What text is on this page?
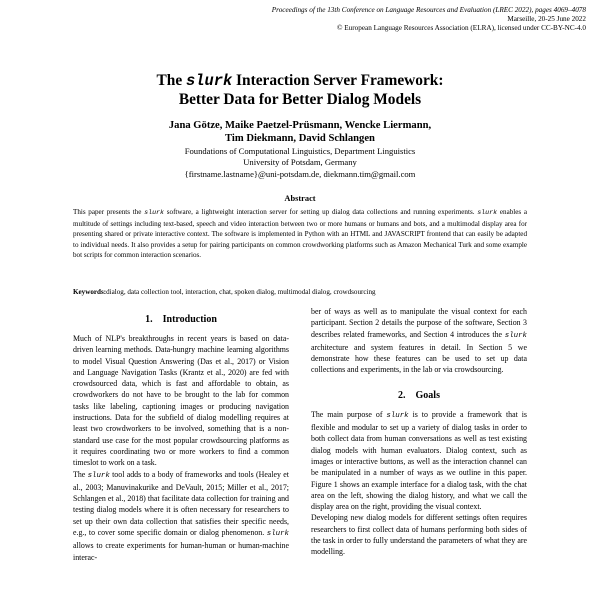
Proceedings of the 13th Conference on Language Resources and Evaluation (LREC 2022), pages 4069–4078
Marseille, 20-25 June 2022
© European Language Resources Association (ELRA), licensed under CC-BY-NC-4.0
The slurk Interaction Server Framework:
Better Data for Better Dialog Models
Jana Götze, Maike Paetzel-Prüsmann, Wencke Liermann,
Tim Diekmann, David Schlangen
Foundations of Computational Linguistics, Department Linguistics
University of Potsdam, Germany
{firstname.lastname}@uni-potsdam.de, diekmann.tim@gmail.com
Abstract
This paper presents the slurk software, a lightweight interaction server for setting up dialog data collections and running experiments. slurk enables a multitude of settings including text-based, speech and video interaction between two or more humans or humans and bots, and a multimodal display area for presenting shared or private interactive context. The software is implemented in Python with an HTML and JAVASCRIPT frontend that can easily be adapted to individual needs. It also provides a setup for pairing participants on common crowdworking platforms such as Amazon Mechanical Turk and some example bot scripts for common interaction scenarios.
Keywords:dialog, data collection tool, interaction, chat, spoken dialog, multimodal dialog, crowdsourcing
1. Introduction

Much of NLP's breakthroughs in recent years is based on data-driven learning methods. Data-hungry machine learning algorithms to model Visual Question Answering (Das et al., 2017) or Vision and Language Navigation Tasks (Krantz et al., 2020) are fed with crowdsourced data, which is fast and affordable to obtain, as crowdworkers do not have to be brought to the lab for common tasks like labeling, captioning images or producing navigation instructions. Data for the subfield of dialog modelling requires at least two crowdworkers to be involved, something that is a non-standard use case for the most popular crowdsourcing platforms as it requires coordinating two or more workers to find a common timeslot to work on a task.

The slurk tool adds to a body of frameworks and tools (Healey et al., 2003; Manuvinakurike and DeVault, 2015; Miller et al., 2017; Schlangen et al., 2018) that facilitate data collection for training and testing dialog models where it is often necessary for researchers to set up their own data collection that satisfies their specific needs, e.g., to cover some specific domain or dialog phenomenon. slurk allows to create experiments for human-human or human-machine interac-

ber of ways as well as to manipulate the visual context for each participant. Section 2 details the purpose of the software, Section 3 describes related frameworks, and Section 4 introduces the slurk architecture and system features in detail. In Section 5 we demonstrate how these features can be used to set up data collections and experiments, in the lab or via crowdsourcing.

2. Goals

The main purpose of slurk is to provide a framework that is flexible and modular to set up a variety of dialog tasks in order to both collect data from human conversations as well as test existing dialog models with human evaluators. Dialog context, such as images or interactive buttons, as well as the interaction channel can be manipulated in a number of ways as we outline in this paper. Figure 1 shows an example interface for a dialog task, with the chat area on the left, showing the dialog history, and what we call the display area on the right, providing the visual context.

Developing new dialog models for different settings often requires researchers to first collect data of humans performing both sides of the task in order to fully understand the parameters of what they are modelling.
